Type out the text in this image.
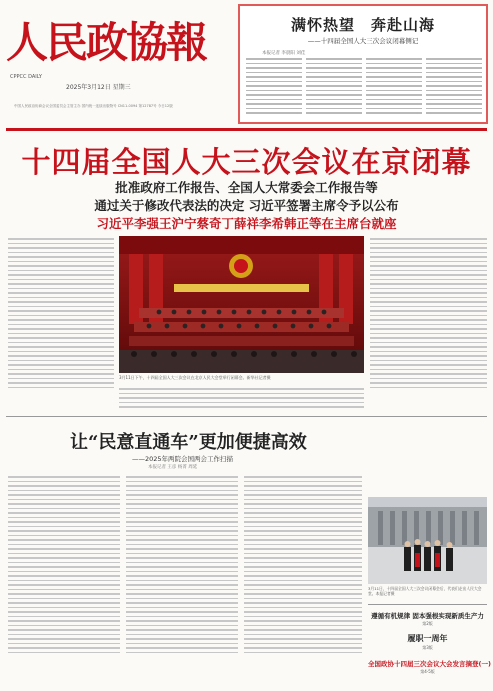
人民政協報
CPPCC DAILY
2025年3月12日 星期三
中国人民政治协商会议全国委员会主管主办 国内统一连续出版物号 CN11-0094 第12787号 今日12版
满怀热望　奔赴山海
——十四届全国人大三次会议闭幕侧记
本报记者 李晨阳 刘佳
十四届全国人大三次会议在京闭幕
批准政府工作报告、全国人大常委会工作报告等
通过关于修改代表法的决定 习近平签署主席令予以公布
习近平李强王沪宁蔡奇丁薛祥李希韩正等在主席台就座
3月11日下午，十四届全国人大三次会议在北京人民大会堂举行闭幕会。新华社记者摄
让“民意直通车”更加便捷高效
——2025年两院会国两会工作扫描
本报记者 王彦 杨菁 周延
3月11日，十四届全国人大三次会议闭幕会后，代表们走出人民大会堂。本报记者摄
遵循有机规律 固本强根实现新质生产力
第2版
履职一周年
第3版
全国政协十四届三次会议大会发言摘登(一)
第4-5版
